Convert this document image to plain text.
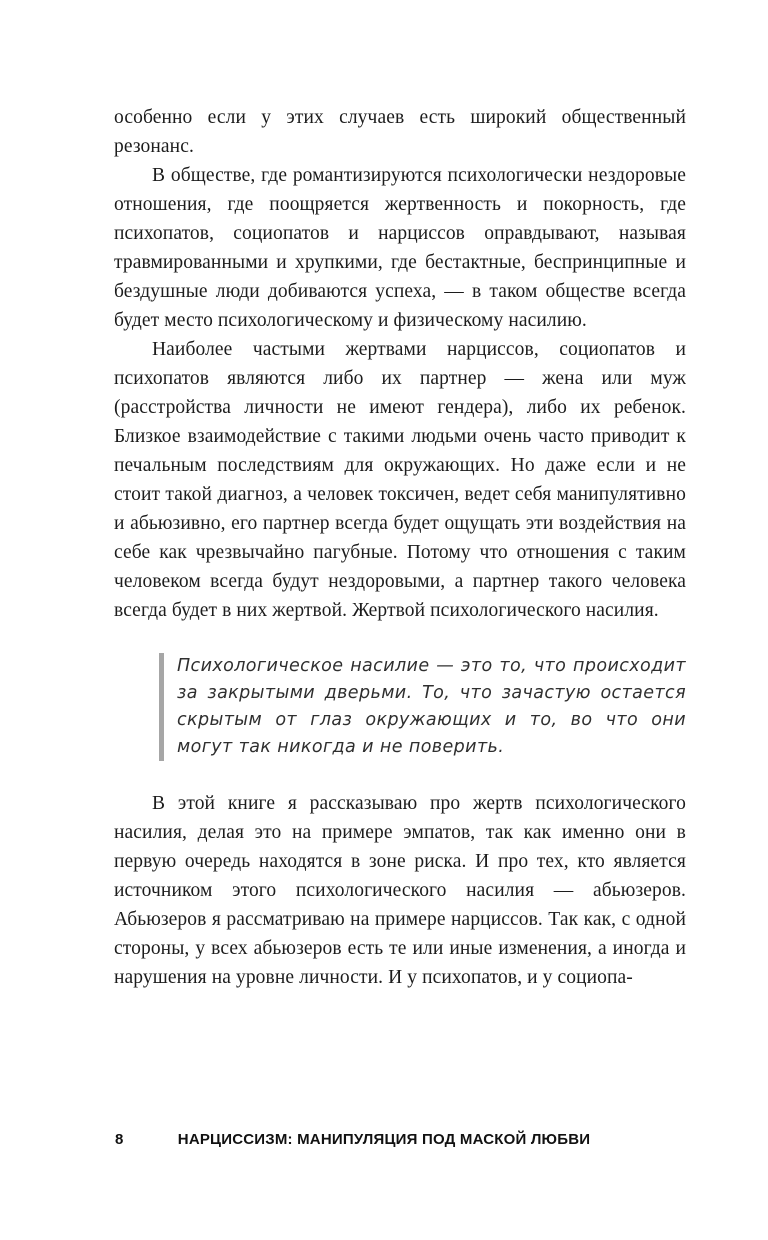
особенно если у этих случаев есть широкий общественный резонанс.

В обществе, где романтизируются психологически нездоровые отношения, где поощряется жертвенность и покорность, где психопатов, социопатов и нарциссов оправдывают, называя травмированными и хрупкими, где бестактные, беспринципные и бездушные люди добиваются успеха, — в таком обществе всегда будет место психологическому и физическому насилию.

Наиболее частыми жертвами нарциссов, социопатов и психопатов являются либо их партнер — жена или муж (расстройства личности не имеют гендера), либо их ребенок. Близкое взаимодействие с такими людьми очень часто приводит к печальным последствиям для окружающих. Но даже если и не стоит такой диагноз, а человек токсичен, ведет себя манипулятивно и абьюзивно, его партнер всегда будет ощущать эти воздействия на себе как чрезвычайно пагубные. Потому что отношения с таким человеком всегда будут нездоровыми, а партнер такого человека всегда будет в них жертвой. Жертвой психологического насилия.

Психологическое насилие — это то, что происходит за закрытыми дверьми. То, что зачастую остается скрытым от глаз окружающих и то, во что они могут так никогда и не поверить.

В этой книге я рассказываю про жертв психологического насилия, делая это на примере эмпатов, так как именно они в первую очередь находятся в зоне риска. И про тех, кто является источником этого психологического насилия — абьюзеров. Абьюзеров я рассматриваю на примере нарциссов. Так как, с одной стороны, у всех абьюзеров есть те или иные изменения, а иногда и нарушения на уровне личности. И у психопатов, и у социопа-

8	НАРЦИССИЗМ: МАНИПУЛЯЦИЯ ПОД МАСКОЙ ЛЮБВИ
